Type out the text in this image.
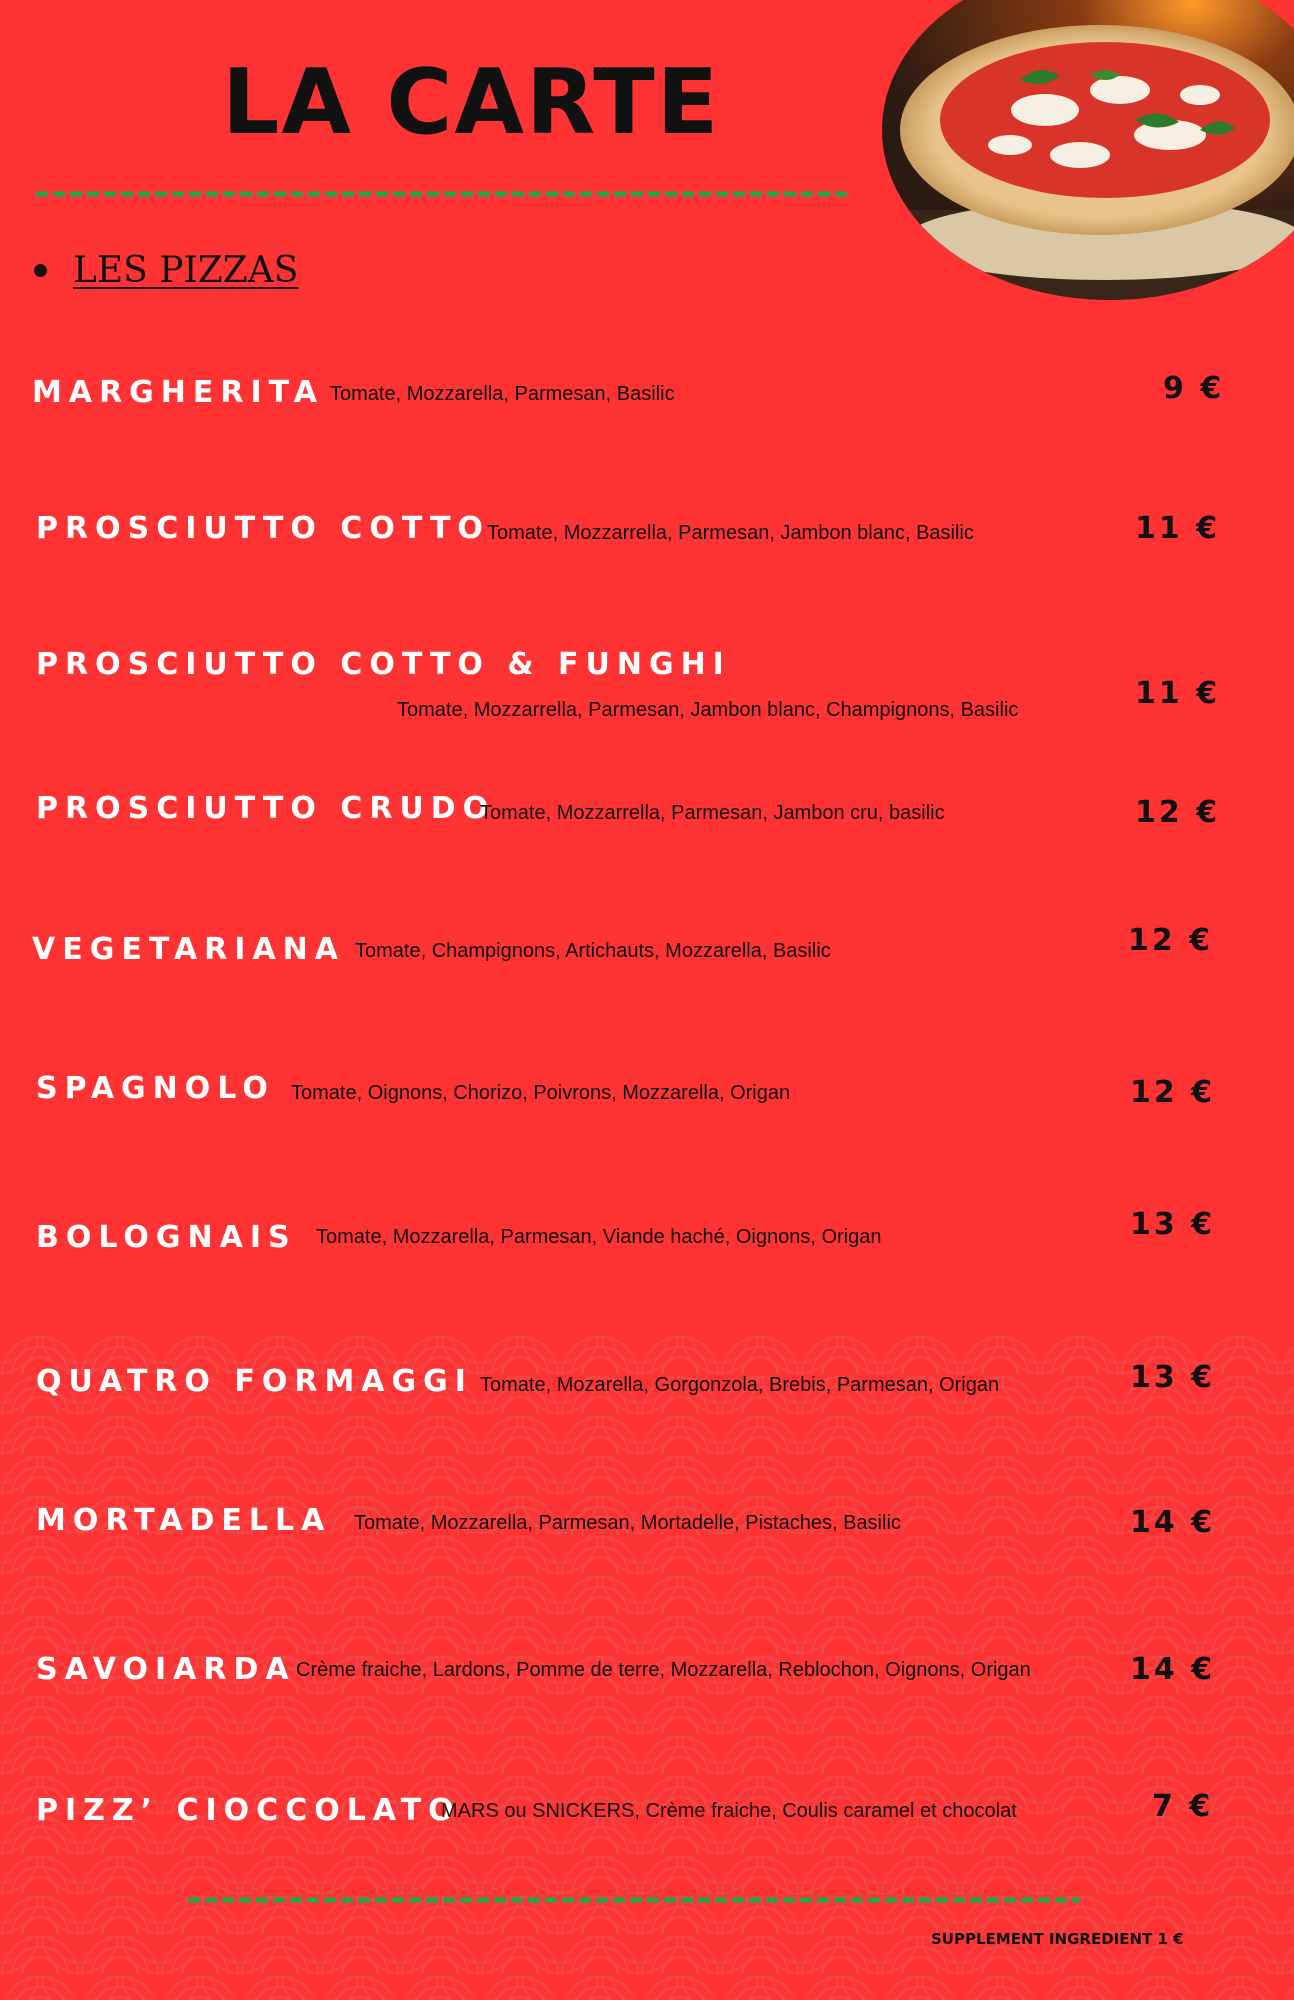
LA CARTE
LES PIZZAS
MARGHERITA Tomate, Mozzarella, Parmesan, Basilic	9 €
PROSCIUTTO COTTO
Tomate, Mozzarrella, Parmesan, Jambon blanc, Basilic	11 €
PROSCIUTTO COTTO & FUNGHI
Tomate, Mozzarrella, Parmesan, Jambon blanc, Champignons, Basilic	11 €
PROSCIUTTO CRUDO
Tomate, Mozzarrella, Parmesan, Jambon cru, basilic	12 €
VEGETARIANA Tomate, Champignons, Artichauts, Mozzarella, Basilic	12 €
SPAGNOLO Tomate, Oignons, Chorizo, Poivrons, Mozzarella, Origan	12 €
BOLOGNAIS Tomate, Mozzarella, Parmesan, Viande haché, Oignons, Origan	13 €
QUATRO FORMAGGI Tomate, Mozarella, Gorgonzola, Brebis, Parmesan, Origan	13 €
MORTADELLA Tomate, Mozzarella, Parmesan, Mortadelle, Pistaches, Basilic	14 €
SAVOIARDA Crème fraiche, Lardons, Pomme de terre, Mozzarella, Reblochon, Oignons, Origan	14 €
PIZZ’ CIOCCOLATO
MARS ou SNICKERS, Crème fraiche, Coulis caramel et chocolat	7 €
SUPPLEMENT INGREDIENT 1 €
